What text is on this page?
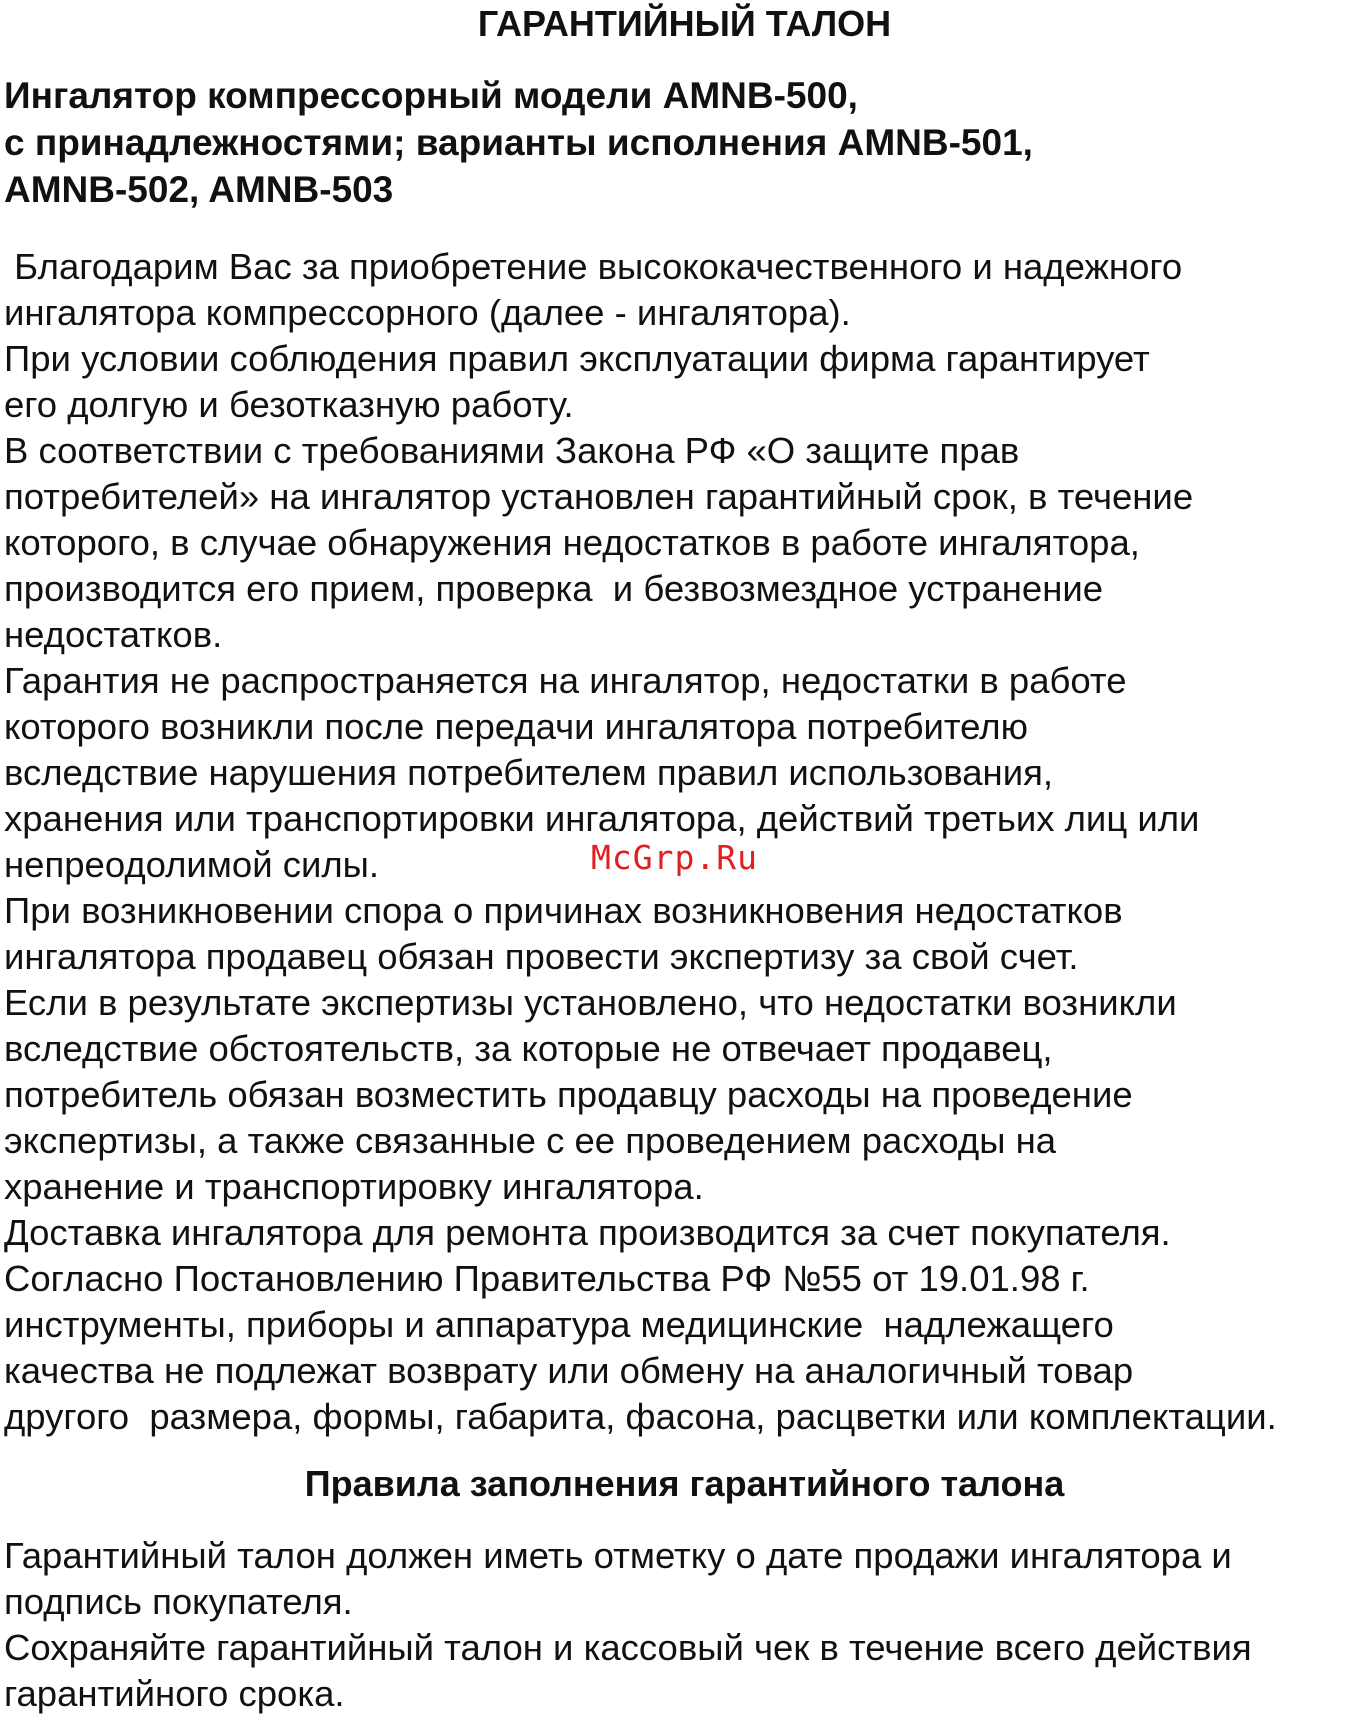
ГАРАНТИЙНЫЙ ТАЛОН
Ингалятор компрессорный модели AMNB-500,
с принадлежностями; варианты исполнения AMNB-501,
AMNB-502, AMNB-503
Благодарим Вас за приобретение высококачественного и надежного
ингалятора компрессорного (далее - ингалятора).
При условии соблюдения правил эксплуатации фирма гарантирует
его долгую и безотказную работу.
В соответствии с требованиями Закона РФ «О защите прав
потребителей» на ингалятор установлен гарантийный срок, в течение
которого, в случае обнаружения недостатков в работе ингалятора,
производится его прием, проверка  и безвозмездное устранение
недостатков.
Гарантия не распространяется на ингалятор, недостатки в работе
которого возникли после передачи ингалятора потребителю
вследствие нарушения потребителем правил использования,
хранения или транспортировки ингалятора, действий третьих лиц или
непреодолимой силы.
При возникновении спора о причинах возникновения недостатков
ингалятора продавец обязан провести экспертизу за свой счет.
Если в результате экспертизы установлено, что недостатки возникли
вследствие обстоятельств, за которые не отвечает продавец,
потребитель обязан возместить продавцу расходы на проведение
экспертизы, а также связанные с ее проведением расходы на
хранение и транспортировку ингалятора.
Доставка ингалятора для ремонта производится за счет покупателя.
Согласно Постановлению Правительства РФ №55 от 19.01.98 г.
инструменты, приборы и аппаратура медицинские  надлежащего
качества не подлежат возврату или обмену на аналогичный товар
другого  размера, формы, габарита, фасона, расцветки или комплектации.
McGrp.Ru
Правила заполнения гарантийного талона
Гарантийный талон должен иметь отметку о дате продажи ингалятора и
подпись покупателя.
Сохраняйте гарантийный талон и кассовый чек в течение всего действия
гарантийного срока.
